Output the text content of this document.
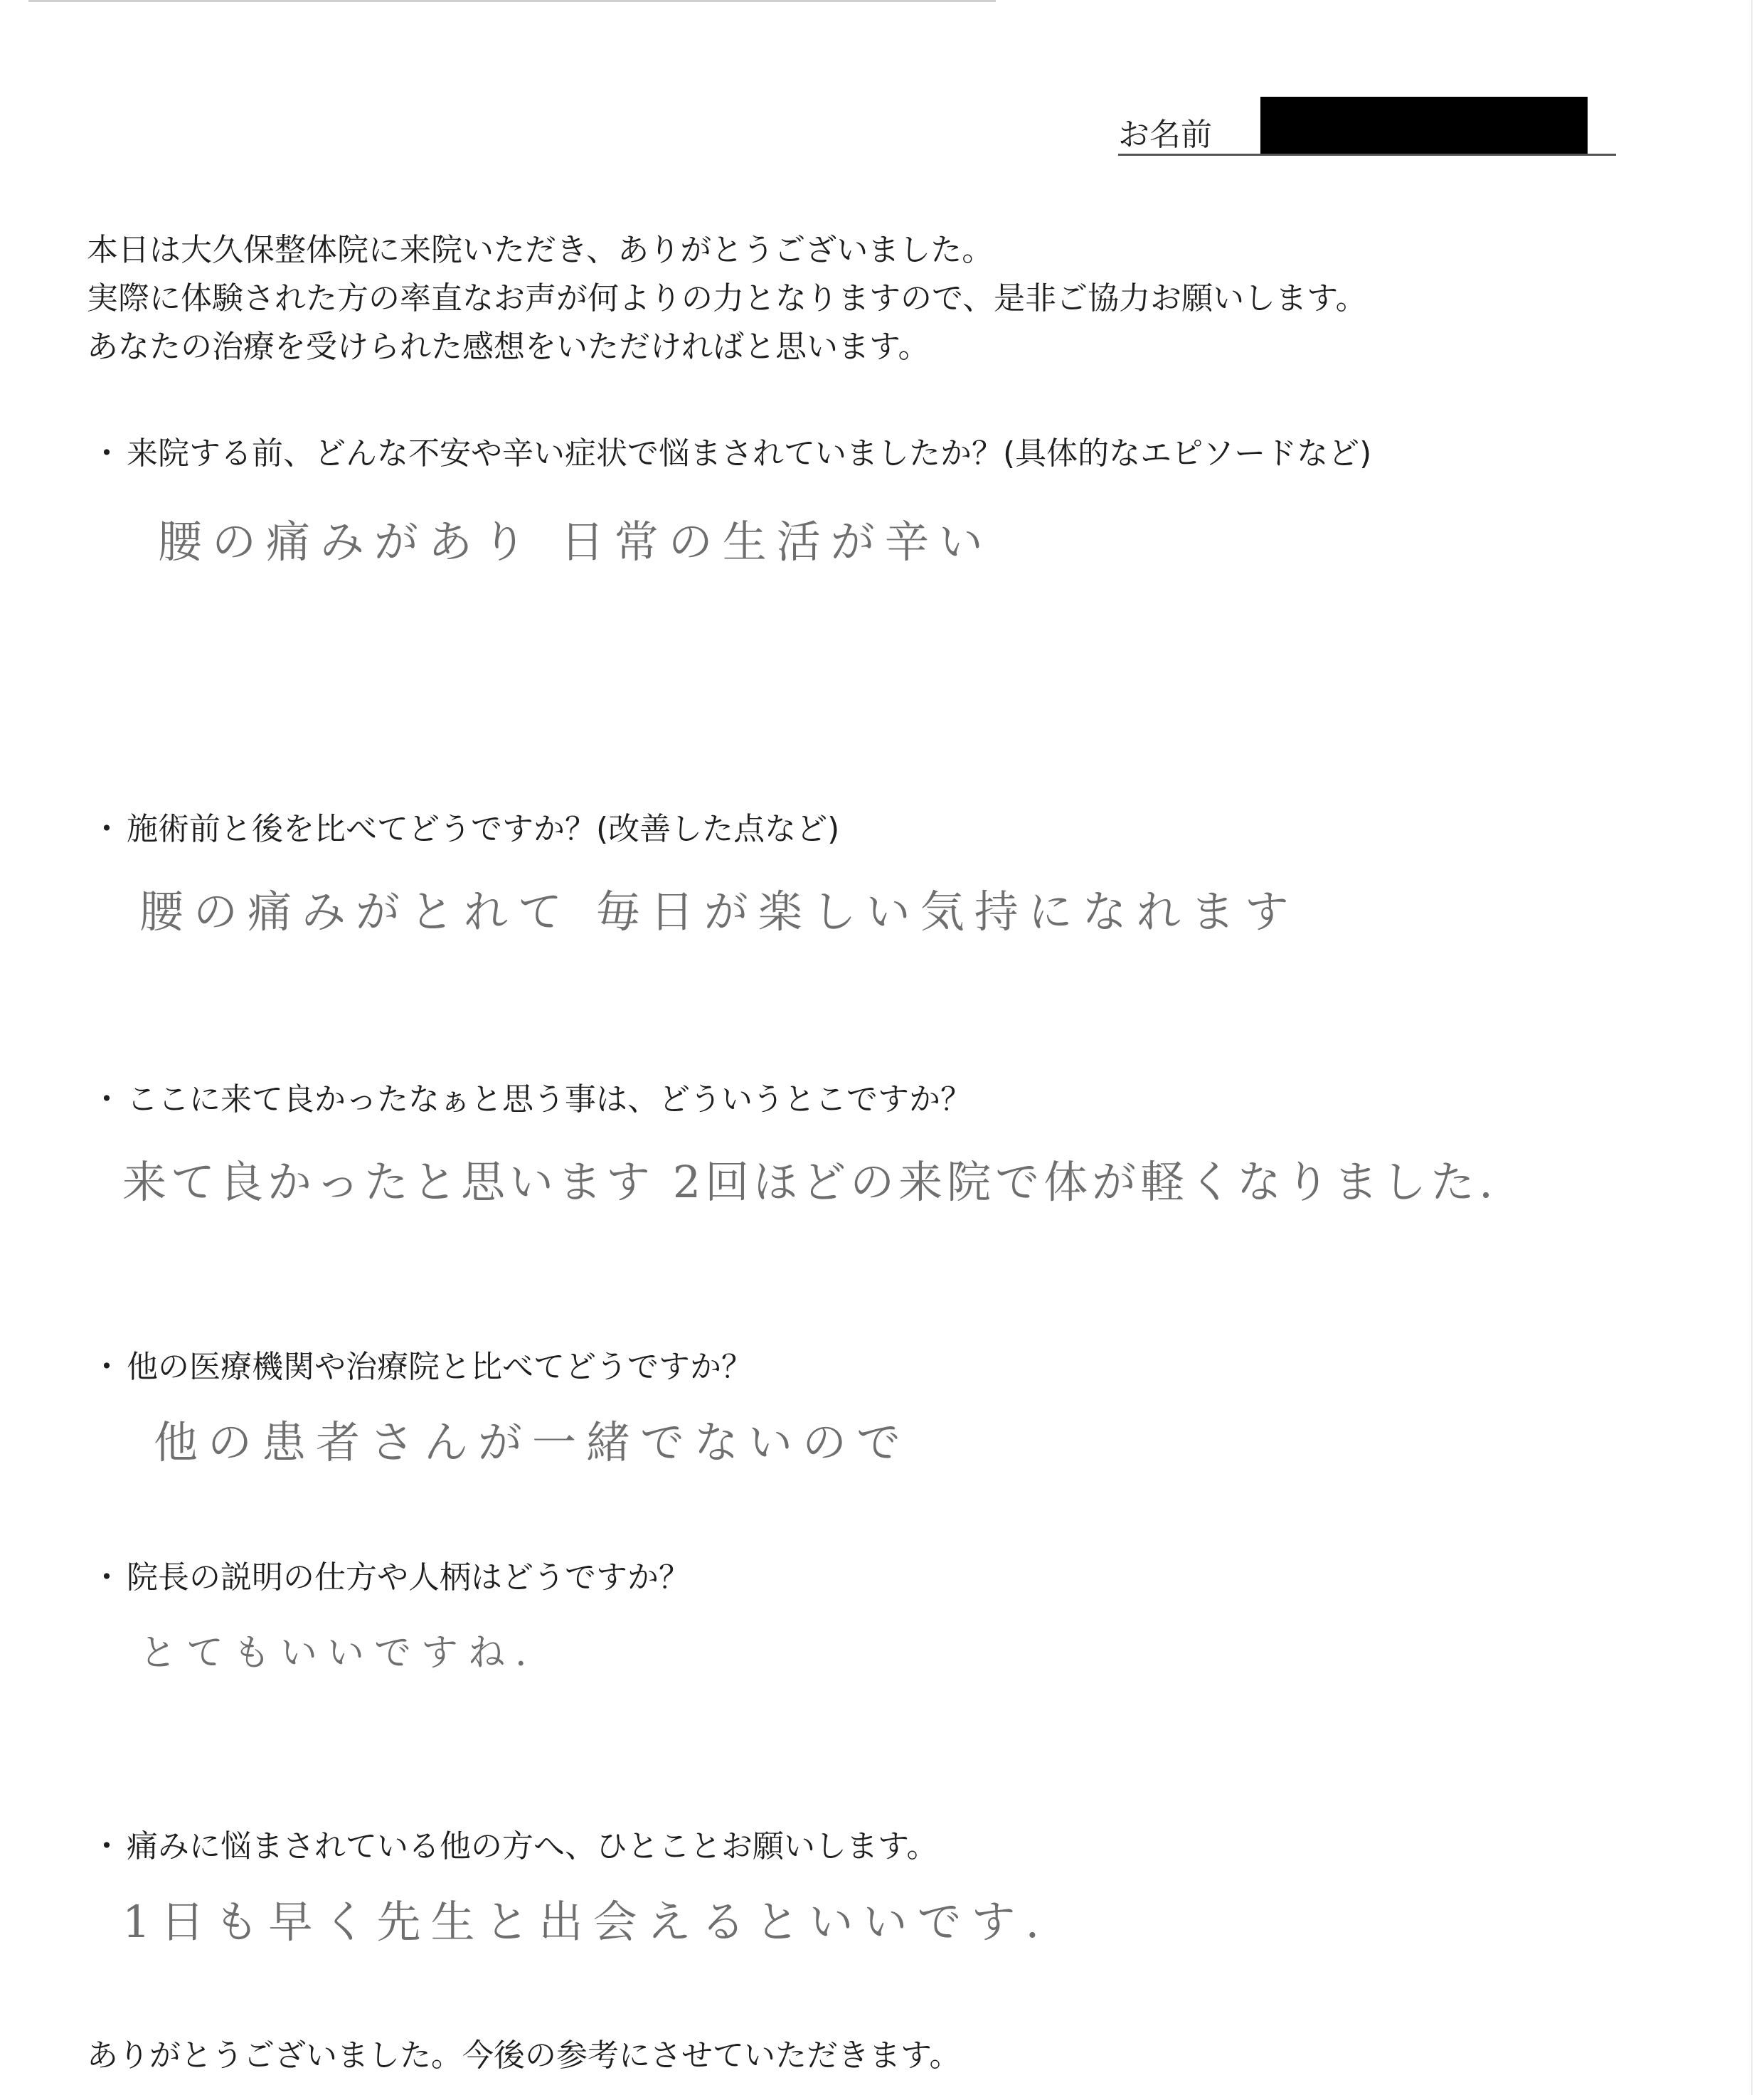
お名前
本日は大久保整体院に来院いただき、ありがとうございました。
実際に体験された方の率直なお声が何よりの力となりますので、是非ご協力お願いします。
あなたの治療を受けられた感想をいただければと思います。
・ 来院する前、どんな不安や辛い症状で悩まされていましたか？(具体的なエピソードなど)
腰の痛みがあり 日常の生活が辛い
・ 施術前と後を比べてどうですか？(改善した点など)
腰の痛みがとれて 毎日が楽しい気持になれます
・ ここに来て良かったなぁと思う事は、どういうとこですか？
来て良かったと思います 2回ほどの来院で体が軽くなりました.
・ 他の医療機関や治療院と比べてどうですか？
他の患者さんが一緒でないので
・ 院長の説明の仕方や人柄はどうですか？
とてもいいですね.
・ 痛みに悩まされている他の方へ、ひとことお願いします。
1日も早く先生と出会えるといいです.
ありがとうございました。今後の参考にさせていただきます。
